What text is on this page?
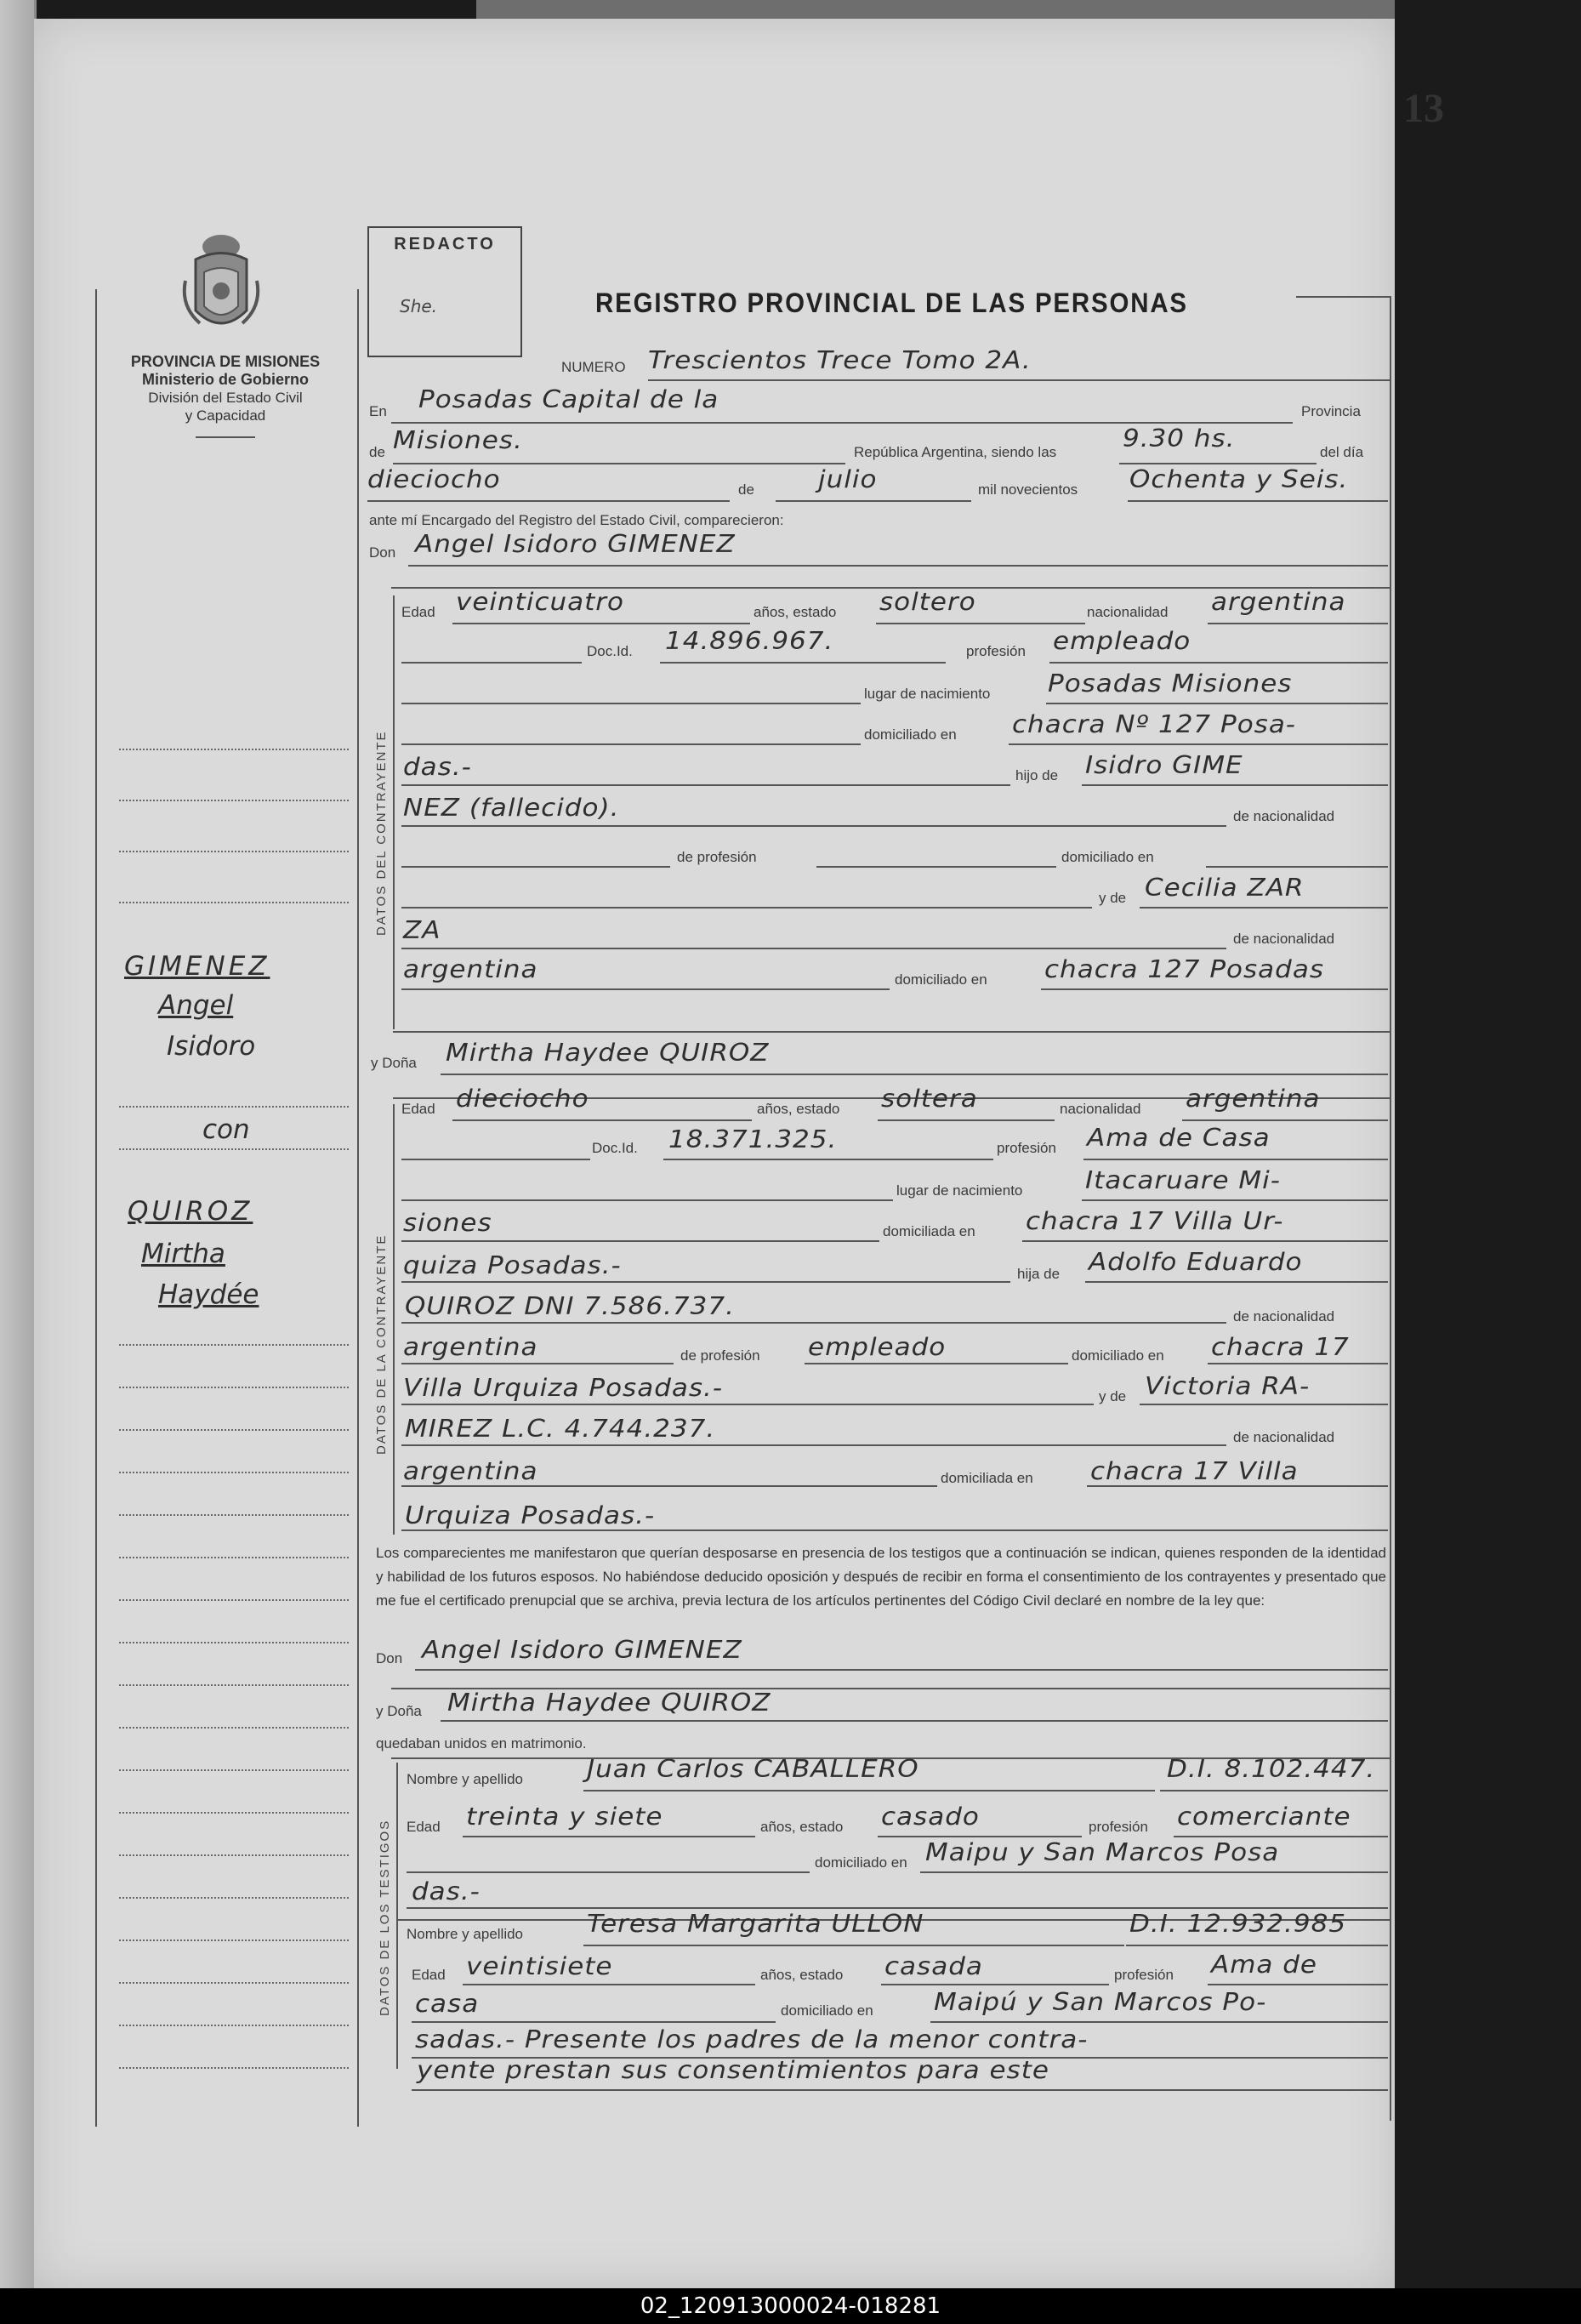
13
PROVINCIA DE MISIONES
Ministerio de Gobierno
División del Estado Civil
y Capacidad
REDACTO
She.	REGISTRO PROVINCIAL DE LAS PERSONAS
NUMERO Trescientos Trece Tomo 2A.
En Posadas Capital de la	Provincia
de Misiones.	República Argentina, siendo las	9.30 hs.	del día
dieciocho	de julio	mil novecientos Ochenta y Seis.
ante mí Encargado del Registro del Estado Civil, comparecieron:
Don Angel Isidoro GIMENEZ
DATOS DEL CONTRAYENTE
Edad veinticuatro	años, estado soltero	nacionalidad argentina
Doc.Id. 14.896.967.	profesión empleado
lugar de nacimiento Posadas Misiones
domiciliado en chacra Nº 127 Posa-
das.-	hijo de Isidro GIME
NEZ (fallecido).	de nacionalidad
de profesión	domiciliado en
y de Cecilia ZAR
ZA	de nacionalidad
argentina	domiciliado en chacra 127 Posadas
y Doña Mirtha Haydee QUIROZ
DATOS DE LA CONTRAYENTE
Edad dieciocho	años, estado soltera	nacionalidad argentina
Doc.Id. 18.371.325.	profesión Ama de Casa
lugar de nacimiento Itacaruare Mi-
siones	domiciliada en chacra 17 Villa Ur-
quiza Posadas.-	hija de Adolfo Eduardo
QUIROZ DNI 7.586.737.	de nacionalidad
argentina	de profesión empleado	domiciliado en chacra 17
Villa Urquiza Posadas.-	y de Victoria RA-
MIREZ L.C. 4.744.237.	de nacionalidad
argentina	domiciliada en chacra 17 Villa
Urquiza Posadas.-
Los comparecientes me manifestaron que querían desposarse en presencia de los testigos que a continuación se indican, quienes responden de la identidad y habilidad de los futuros esposos. No habiéndose deducido oposición y después de recibir en forma el consentimiento de los contrayentes y presentado que me fue el certificado prenupcial que se archiva, previa lectura de los artículos pertinentes del Código Civil declaré en nombre de la ley que:
Don Angel Isidoro GIMENEZ
y Doña Mirtha Haydee QUIROZ
quedaban unidos en matrimonio.
DATOS DE LOS TESTIGOS
Nombre y apellido Juan Carlos CABALLERO	D.I. 8.102.447.
Edad treinta y siete	años, estado casado	profesión comerciante
domiciliado en Maipu y San Marcos Posa
das.-
Nombre y apellido Teresa Margarita ULLON	D.I. 12.932.985
Edad veintisiete	años, estado casada	profesión Ama de
casa	domiciliado en Maipú y San Marcos Po-
sadas.- Presente los padres de la menor contra-
yente prestan sus consentimientos para este
GIMENEZ
Angel
Isidoro
con
QUIROZ
Mirtha
Haydée
02_120913000024-018281
